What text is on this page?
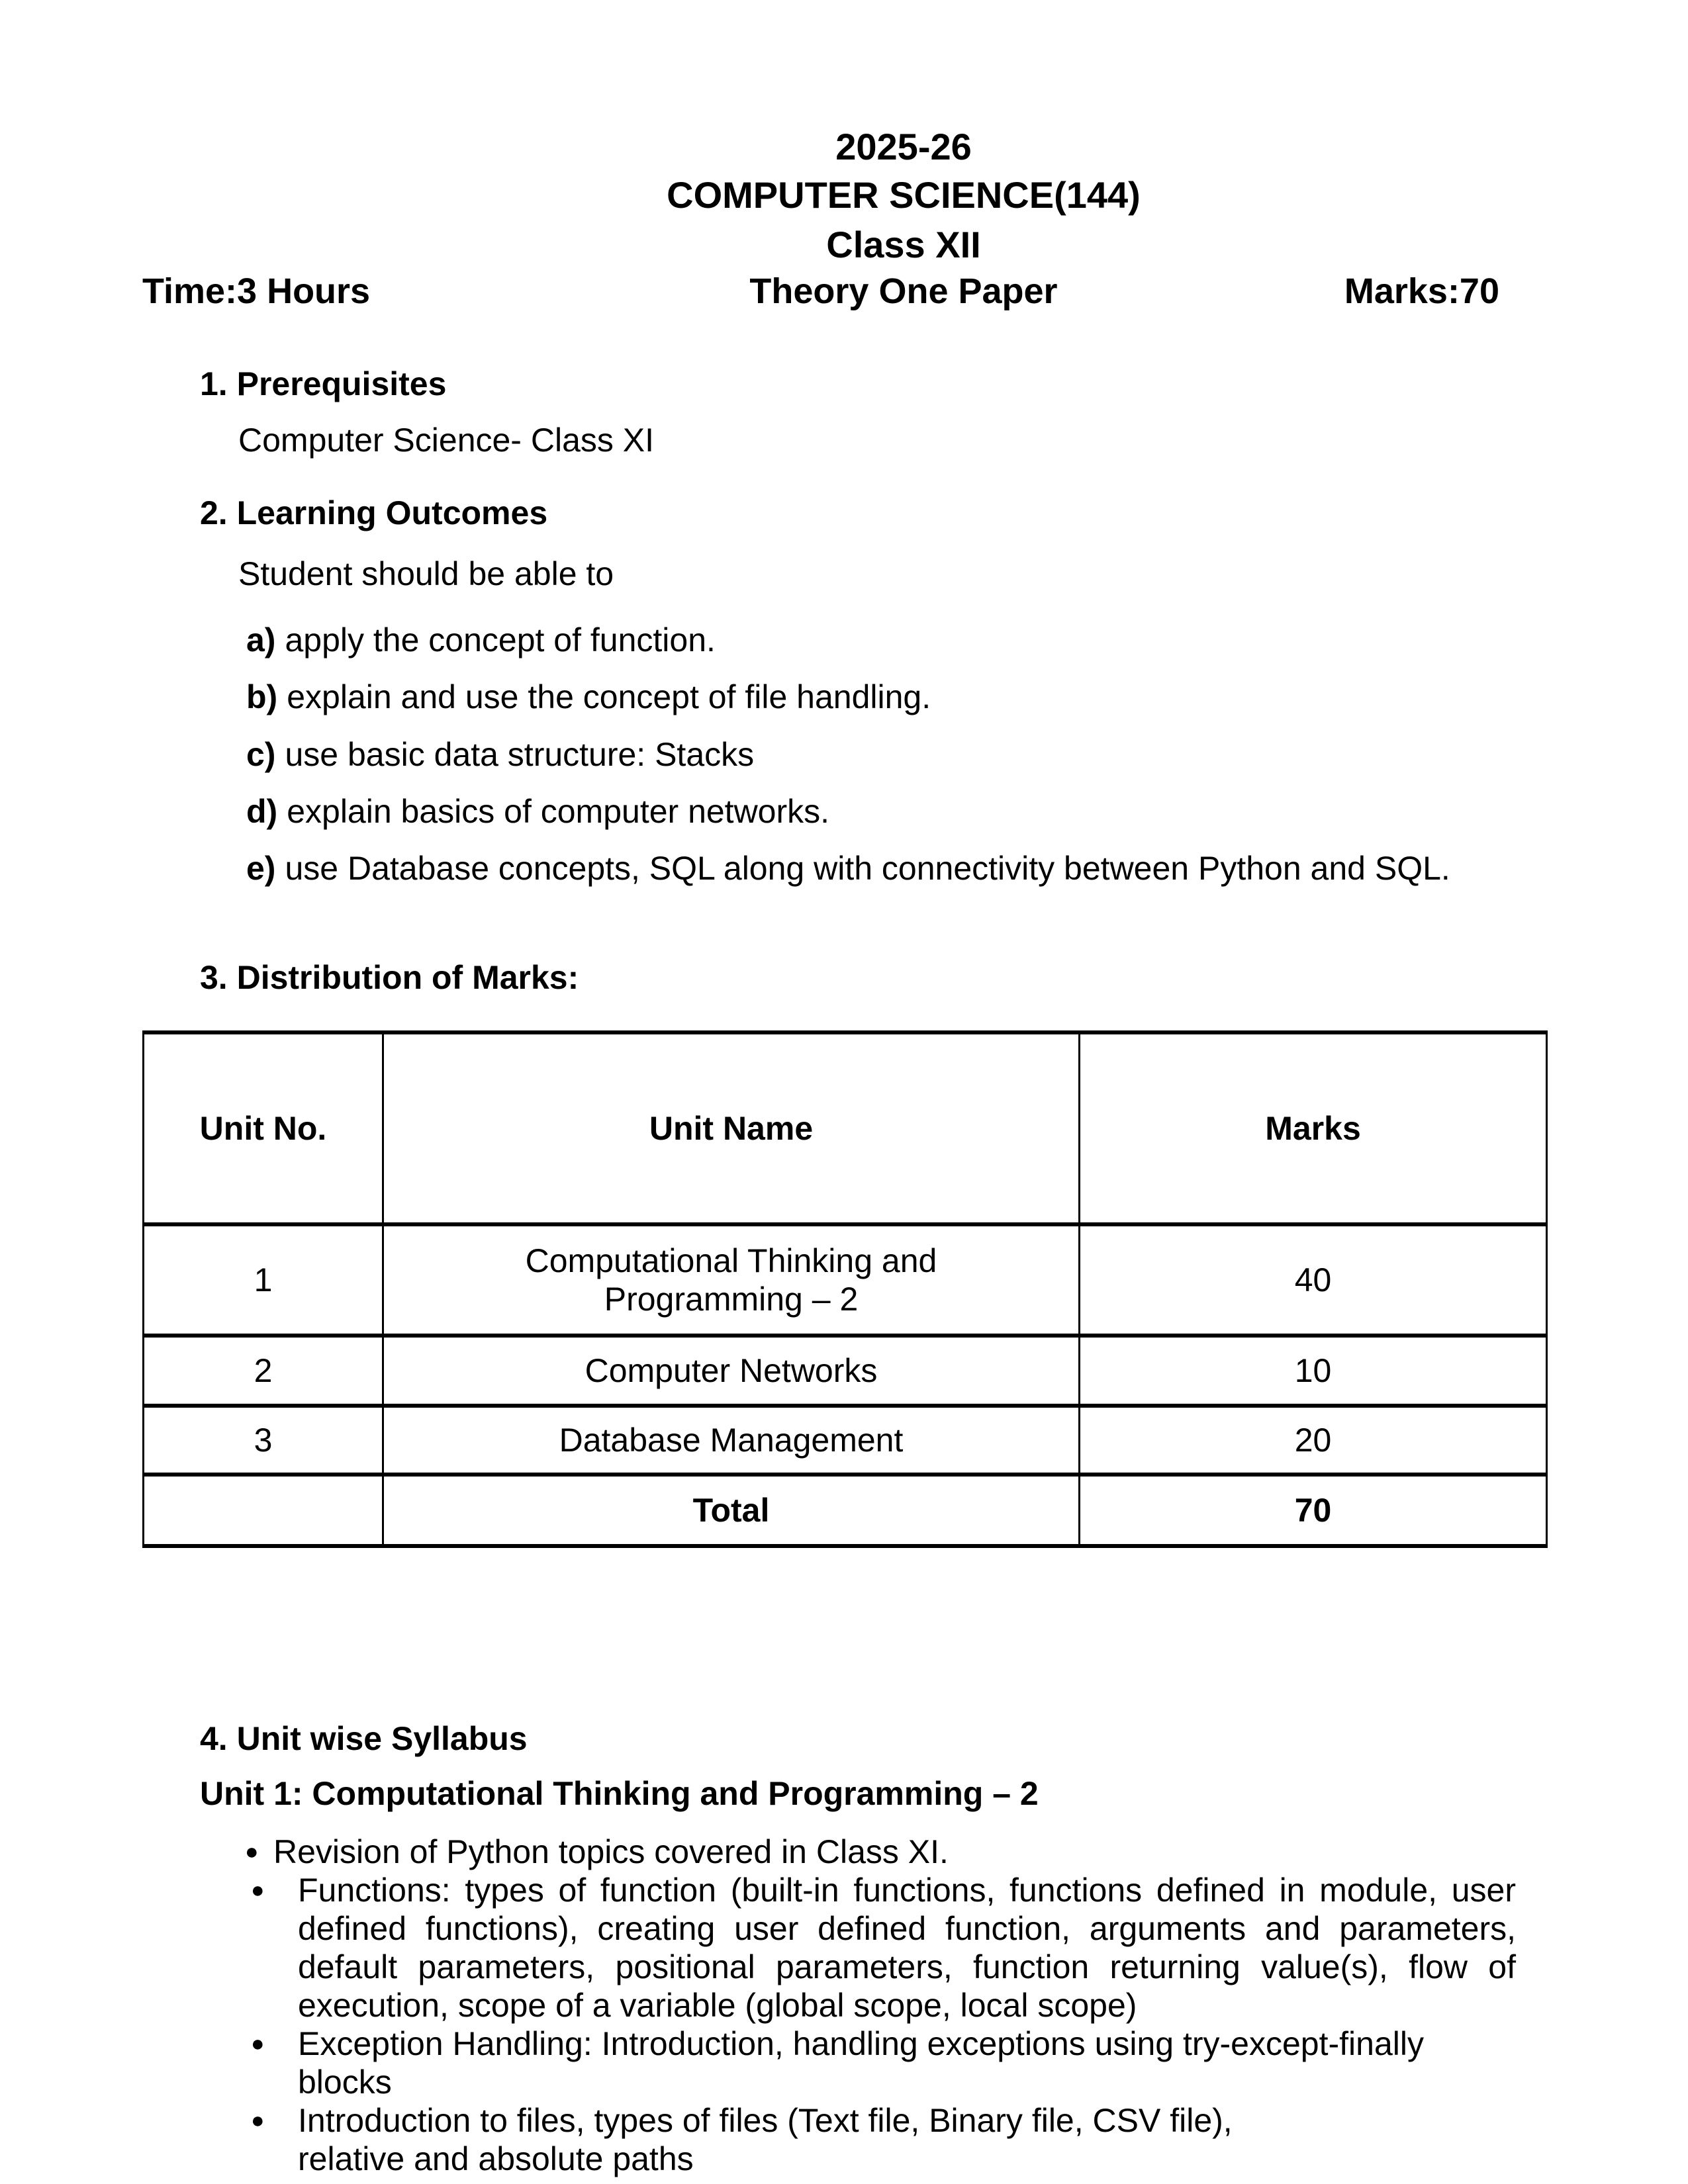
2025-26
COMPUTER SCIENCE(144)
Class XII
Time:3 Hours	Theory One Paper	Marks:70
1. Prerequisites
Computer Science- Class XI
2. Learning Outcomes
Student should be able to
a) apply the concept of function.
b) explain and use the concept of file handling.
c) use basic data structure: Stacks
d) explain basics of computer networks.
e) use Database concepts, SQL along with connectivity between Python and SQL.
3. Distribution of Marks:
Unit No.	Unit Name	Marks
1	Computational Thinking and Programming – 2	40
2	Computer Networks	10
3	Database Management	20
	Total	70
4. Unit wise Syllabus
Unit 1: Computational Thinking and Programming – 2
● Revision of Python topics covered in Class XI.
● Functions: types of function (built-in functions, functions defined in module, user
defined functions), creating user defined function, arguments and parameters,
default parameters, positional parameters, function returning value(s), flow of
execution, scope of a variable (global scope, local scope)
● Exception Handling: Introduction, handling exceptions using try-except-finally
blocks
● Introduction to files, types of files (Text file, Binary file, CSV file),
relative and absolute paths
